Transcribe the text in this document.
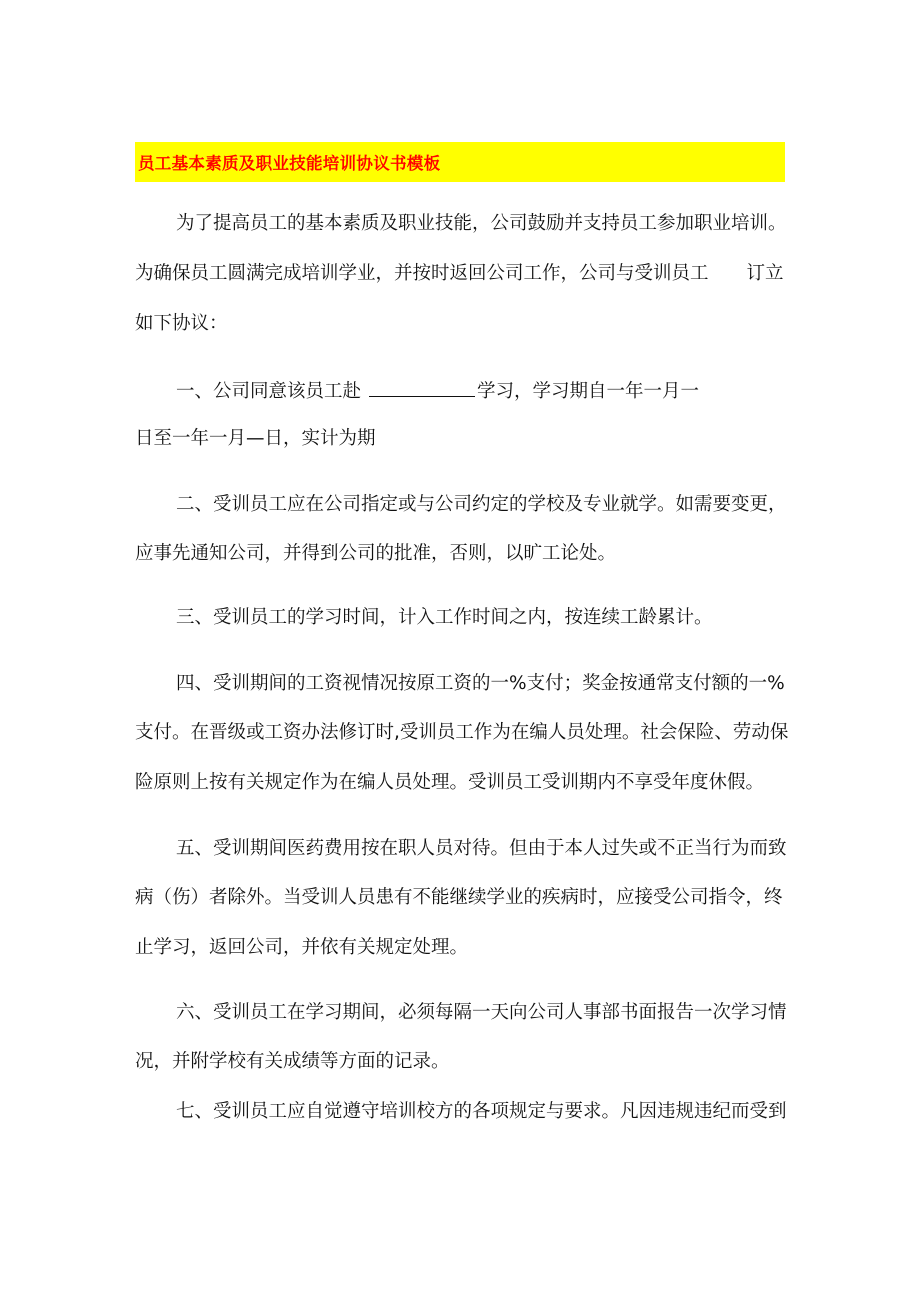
员工基本素质及职业技能培训协议书模板
为了提高员工的基本素质及职业技能，公司鼓励并支持员工参加职业培训。
为确保员工圆满完成培训学业，并按时返回公司工作，公司与受训员工 订立
如下协议：
一、公司同意该员工赴	学习，学习期自一年一月一
日至一年一月—日，实计为期
二、受训员工应在公司指定或与公司约定的学校及专业就学。如需要变更，
应事先通知公司，并得到公司的批准，否则，以旷工论处。
三、受训员工的学习时间，计入工作时间之内，按连续工龄累计。
四、受训期间的工资视情况按原工资的一%支付；奖金按通常支付额的一%
支付。在晋级或工资办法修订时,受训员工作为在编人员处理。社会保险、劳动保
险原则上按有关规定作为在编人员处理。受训员工受训期内不享受年度休假。
五、受训期间医药费用按在职人员对待。但由于本人过失或不正当行为而致
病（伤）者除外。当受训人员患有不能继续学业的疾病时，应接受公司指令，终
止学习，返回公司，并依有关规定处理。
六、受训员工在学习期间，必须每隔一天向公司人事部书面报告一次学习情
况，并附学校有关成绩等方面的记录。
七、受训员工应自觉遵守培训校方的各项规定与要求。凡因违规违纪而受到
